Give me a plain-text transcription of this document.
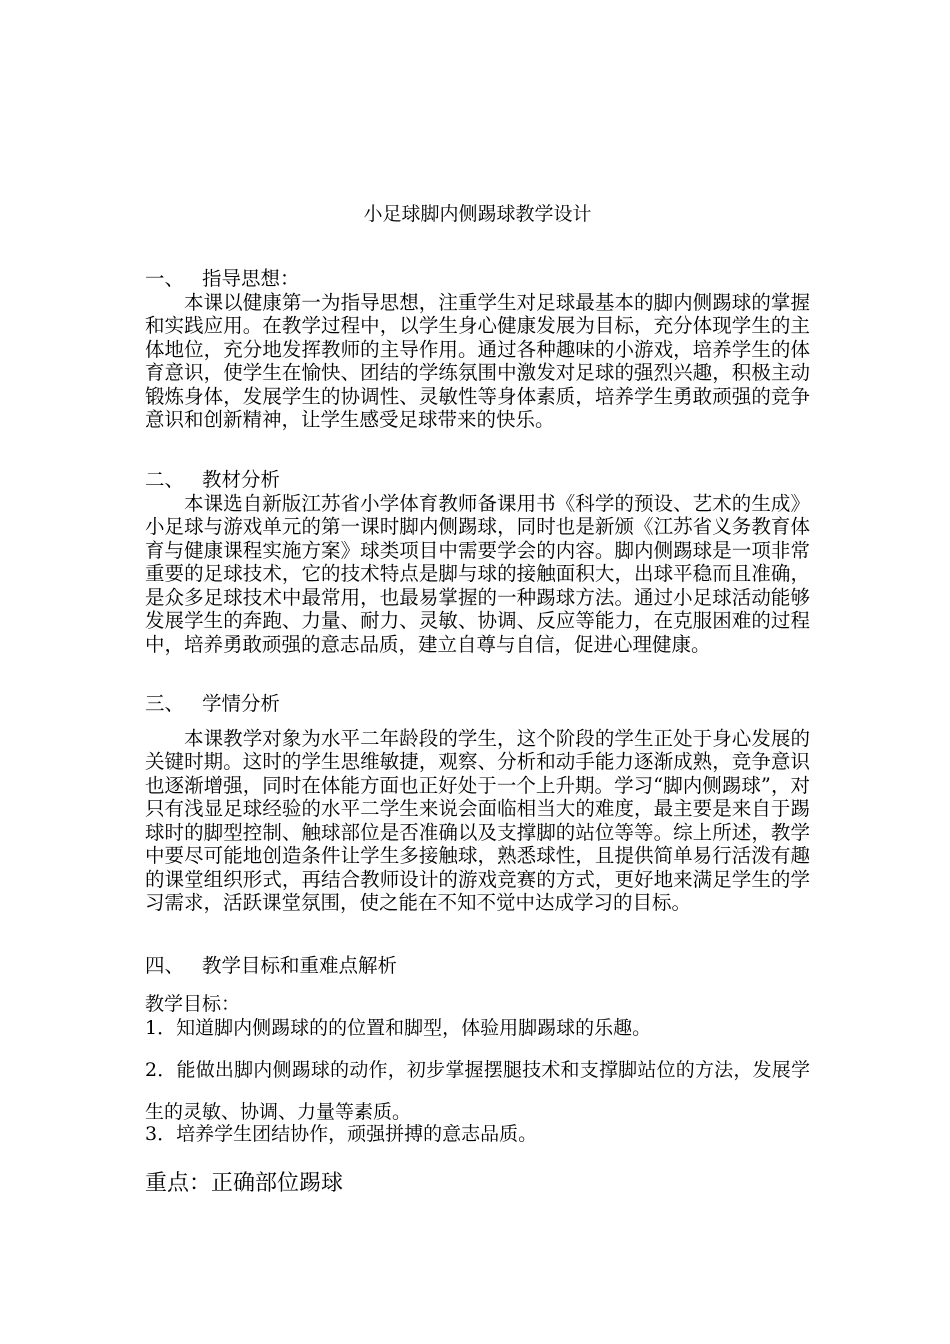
小足球脚内侧踢球教学设计

一、 指导思想：

本课以健康第一为指导思想，注重学生对足球最基本的脚内侧踢球的掌握和实践应用。在教学过程中，以学生身心健康发展为目标，充分体现学生的主体地位，充分地发挥教师的主导作用。通过各种趣味的小游戏，培养学生的体育意识，使学生在愉快、团结的学练氛围中激发对足球的强烈兴趣，积极主动锻炼身体，发展学生的协调性、灵敏性等身体素质，培养学生勇敢顽强的竞争意识和创新精神，让学生感受足球带来的快乐。

二、 教材分析

本课选自新版江苏省小学体育教师备课用书《科学的预设、艺术的生成》小足球与游戏单元的第一课时脚内侧踢球，同时也是新颁《江苏省义务教育体育与健康课程实施方案》球类项目中需要学会的内容。脚内侧踢球是一项非常重要的足球技术，它的技术特点是脚与球的接触面积大，出球平稳而且准确，是众多足球技术中最常用，也最易掌握的一种踢球方法。通过小足球活动能够发展学生的奔跑、力量、耐力、灵敏、协调、反应等能力，在克服困难的过程中，培养勇敢顽强的意志品质，建立自尊与自信，促进心理健康。

三、 学情分析

本课教学对象为水平二年龄段的学生，这个阶段的学生正处于身心发展的关键时期。这时的学生思维敏捷，观察、分析和动手能力逐渐成熟，竞争意识也逐渐增强，同时在体能方面也正好处于一个上升期。学习“脚内侧踢球”，对只有浅显足球经验的水平二学生来说会面临相当大的难度，最主要是来自于踢球时的脚型控制、触球部位是否准确以及支撑脚的站位等等。综上所述，教学中要尽可能地创造条件让学生多接触球，熟悉球性，且提供简单易行活泼有趣的课堂组织形式，再结合教师设计的游戏竞赛的方式，更好地来满足学生的学习需求，活跃课堂氛围，使之能在不知不觉中达成学习的目标。

四、 教学目标和重难点解析

教学目标：
1．知道脚内侧踢球的的位置和脚型，体验用脚踢球的乐趣。
2．能做出脚内侧踢球的动作，初步掌握摆腿技术和支撑脚站位的方法，发展学生的灵敏、协调、力量等素质。
3．培养学生团结协作，顽强拼搏的意志品质。
重点：正确部位踢球
